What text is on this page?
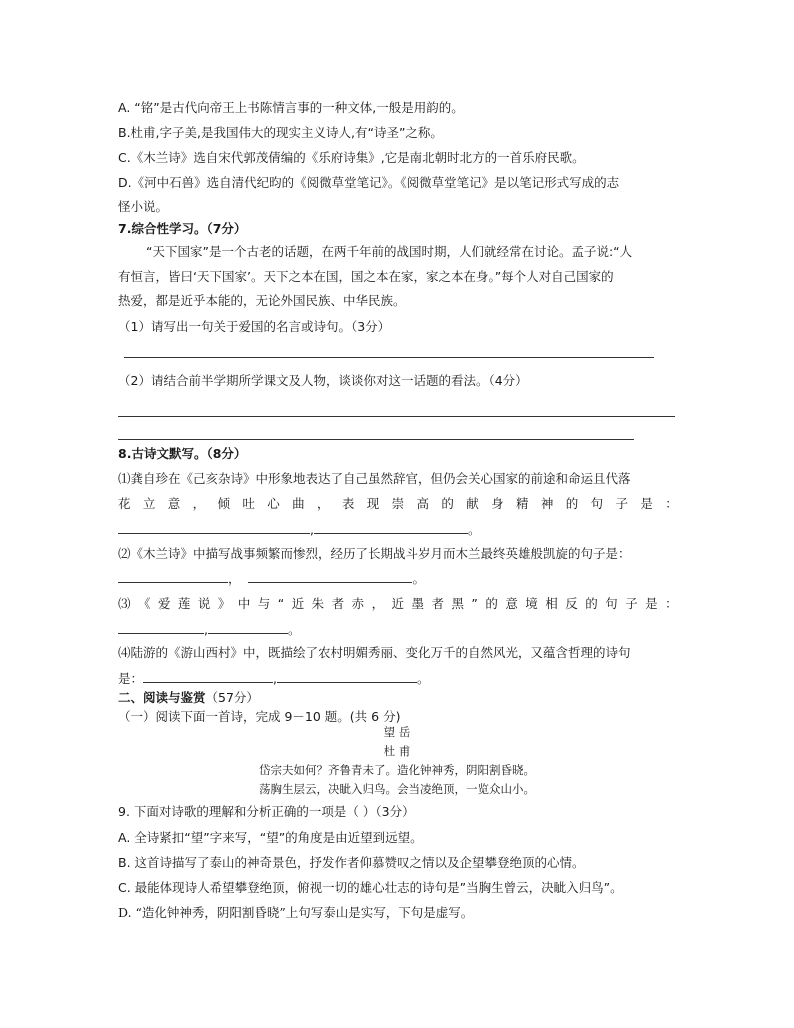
A. “铭”是古代向帝王上书陈情言事的一种文体,一般是用韵的。
B.杜甫,字子美,是我国伟大的现实主义诗人,有“诗圣”之称。
C.《木兰诗》选自宋代郭茂倩编的《乐府诗集》,它是南北朝时北方的一首乐府民歌。
D.《河中石兽》选自清代纪昀的《阅微草堂笔记》。《阅微草堂笔记》是以笔记形式写成的志
怪小说。
7.综合性学习。（7分）
“天下国家”是一个古老的话题，在两千年前的战国时期，人们就经常在讨论。孟子说:“人
有恒言，皆曰‘天下国家’。天下之本在国，国之本在家，家之本在身。”每个人对自己国家的
热爱，都是近乎本能的，无论外国民族、中华民族。
（1）请写出一句关于爱国的名言或诗句。（3分）
（2）请结合前半学期所学课文及人物，谈谈你对这一话题的看法。（4分）
8.古诗文默写。（8分）
⑴龚自珍在《己亥杂诗》中形象地表达了自己虽然辞官，但仍会关心国家的前途和命运且代落
花 立 意 ， 倾 吐 心 曲 ， 表 现 崇 高 的 献 身 精 神 的 句 子 是 ：
,	。
⑵《木兰诗》中描写战事频繁而惨烈，经历了长期战斗岁月而木兰最终英雄般凯旋的句子是：
，	。
⑶ 《 爱 莲 说 》 中 与 “ 近 朱 者 赤 ， 近 墨 者 黑 ” 的 意 境 相 反 的 句 子 是 ：
,	。
⑷陆游的《游山西村》中，既描绘了农村明媚秀丽、变化万千的自然风光，又蕴含哲理的诗句
是：	,	。
二、阅读与鉴赏（57分）
（一）阅读下面一首诗，完成 9－10 题。(共 6 分)
望 岳
杜 甫
岱宗夫如何？齐鲁青未了。造化钟神秀，阴阳割昏晓。
荡胸生层云，决眦入归鸟。会当凌绝顶，一览众山小。
9. 下面对诗歌的理解和分析正确的一项是（ ）（3分）
A. 全诗紧扣“望”字来写，“望”的角度是由近望到远望。
B. 这首诗描写了泰山的神奇景色，抒发作者仰慕赞叹之情以及企望攀登绝顶的心情。
C. 最能体现诗人希望攀登绝顶，俯视一切的雄心壮志的诗句是”当胸生曾云，决眦入归鸟”。
D. “造化钟神秀，阴阳割昏晓”上句写泰山是实写，下句是虚写。
